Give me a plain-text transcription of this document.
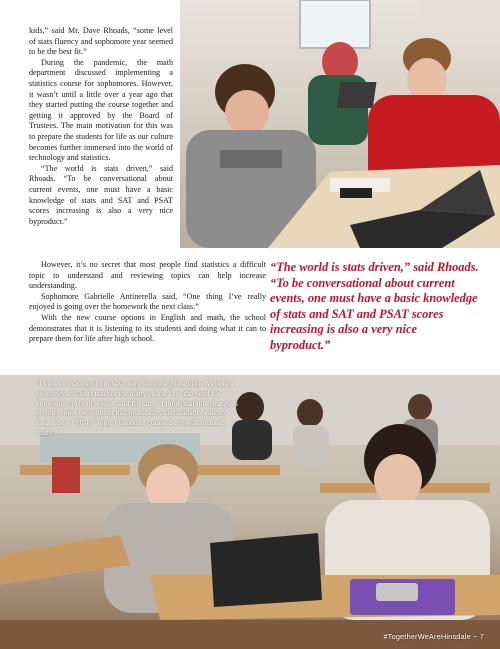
kids,” said Mr. Dave Rhoads, “some level of stats fluency and sophomore year seemed to be the best fit.”

During the pandemic, the math department discussed implementing a statistics course for sophomores. However, it wasn’t until a little over a year ago that they started putting the course together and getting it approved by the Board of Trustees. The main motivation for this was to prepare the students for life as our culture becomes further immersed into the world of technology and statistics.

“The world is stats driven,” said Rhoads. “To be conversational about current events, one must have a basic knowledge of stats and SAT and PSAT scores increasing is also a very nice byproduct.”

However, it’s no secret that most people find statistics a difficult topic to understand and reviewing topics can help increase understanding.

Sophomore Gabrielle Antinerella said, “One thing I’ve really enjoyed is going over the homework the next class.”

With the new course options in English and math, the school demonstrates that it is listening to its students and doing what it can to prepare them for life after high school.

“The world is stats driven,” said Rhoads. “To be conversational about current events, one must have a basic knowledge of stats and SAT and PSAT scores increasing is also a very nice byproduct.”
“I believe that they both have very strong applicability. As both a geometry and stats teacher for many years, I see the need for knowledge in both areas,” said Rhoads. “I think that this change is giving proper recognition that probability and statistics can no longer be a “fill-in” topic of another course but needs focused study.”
#TogetherWeAreHinsdale ~ 7
